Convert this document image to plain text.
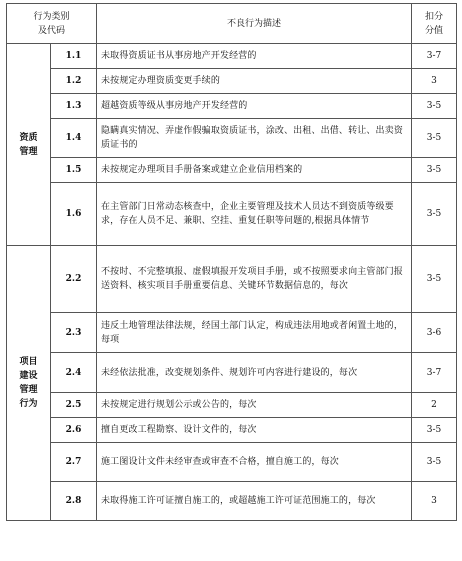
行为类别及代码		不良行为描述	扣分分值
资质管理	1.1	未取得资质证书从事房地产开发经营的	3-7
	1.2	未按规定办理资质变更手续的	3
	1.3	超越资质等级从事房地产开发经营的	3-5
	1.4	隐瞒真实情况、弄虚作假骗取资质证书，涂改、出租、出借、转让、出卖资质证书的	3-5
	1.5	未按规定办理项目手册备案或建立企业信用档案的	3-5
	1.6	在主管部门日常动态核查中，企业主要管理及技术人员达不到资质等级要求，存在人员不足、兼职、空挂、重复任职等问题的,根据具体情节	3-5
项目建设管理行为	2.2	不按时、不完整填报、虚假填报开发项目手册，或不按照要求向主管部门报送资料、核实项目手册重要信息、关键环节数据信息的，每次	3-5
	2.3	违反土地管理法律法规，经国土部门认定，构成违法用地或者闲置土地的，每项	3-6
	2.4	未经依法批准，改变规划条件、规划许可内容进行建设的，每次	3-7
	2.5	未按规定进行规划公示或公告的，每次	2
	2.6	擅自更改工程勘察、设计文件的，每次	3-5
	2.7	施工图设计文件未经审查或审查不合格，擅自施工的，每次	3-5
	2.8	未取得施工许可证擅自施工的，或超越施工许可证范围施工的，每次	3
